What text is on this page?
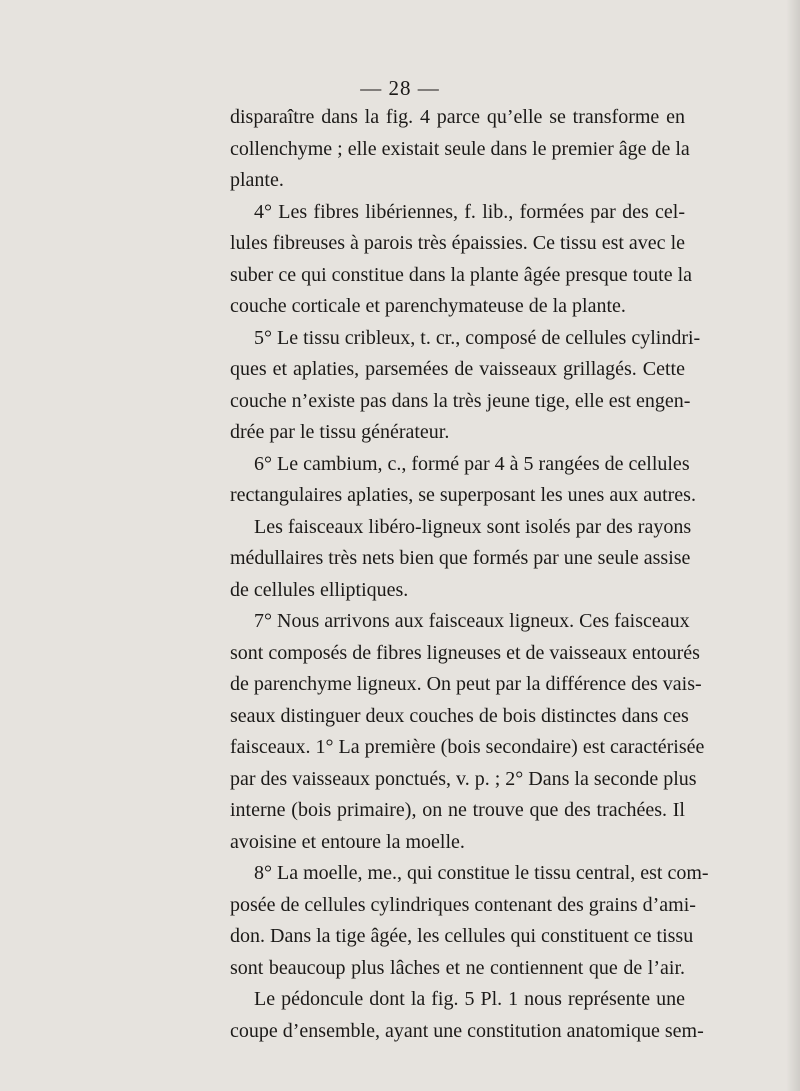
— 28 —
disparaître dans la fig. 4 parce qu’elle se transforme en
collenchyme ; elle existait seule dans le premier âge de la
plante.
4° Les fibres libériennes, f. lib., formées par des cel-
lules fibreuses à parois très épaissies. Ce tissu est avec le
suber ce qui constitue dans la plante âgée presque toute la
couche corticale et parenchymateuse de la plante.
5° Le tissu cribleux, t. cr., composé de cellules cylindri-
ques et aplaties, parsemées de vaisseaux grillagés. Cette
couche n’existe pas dans la très jeune tige, elle est engen-
drée par le tissu générateur.
6° Le cambium, c., formé par 4 à 5 rangées de cellules
rectangulaires aplaties, se superposant les unes aux autres.
Les faisceaux libéro-ligneux sont isolés par des rayons
médullaires très nets bien que formés par une seule assise
de cellules elliptiques.
7° Nous arrivons aux faisceaux ligneux. Ces faisceaux
sont composés de fibres ligneuses et de vaisseaux entourés
de parenchyme ligneux. On peut par la différence des vais-
seaux distinguer deux couches de bois distinctes dans ces
faisceaux. 1° La première (bois secondaire) est caractérisée
par des vaisseaux ponctués, v. p. ; 2° Dans la seconde plus
interne (bois primaire), on ne trouve que des trachées. Il
avoisine et entoure la moelle.
8° La moelle, me., qui constitue le tissu central, est com-
posée de cellules cylindriques contenant des grains d’ami-
don. Dans la tige âgée, les cellules qui constituent ce tissu
sont beaucoup plus lâches et ne contiennent que de l’air.
Le pédoncule dont la fig. 5 Pl. 1 nous représente une
coupe d’ensemble, ayant une constitution anatomique sem-
